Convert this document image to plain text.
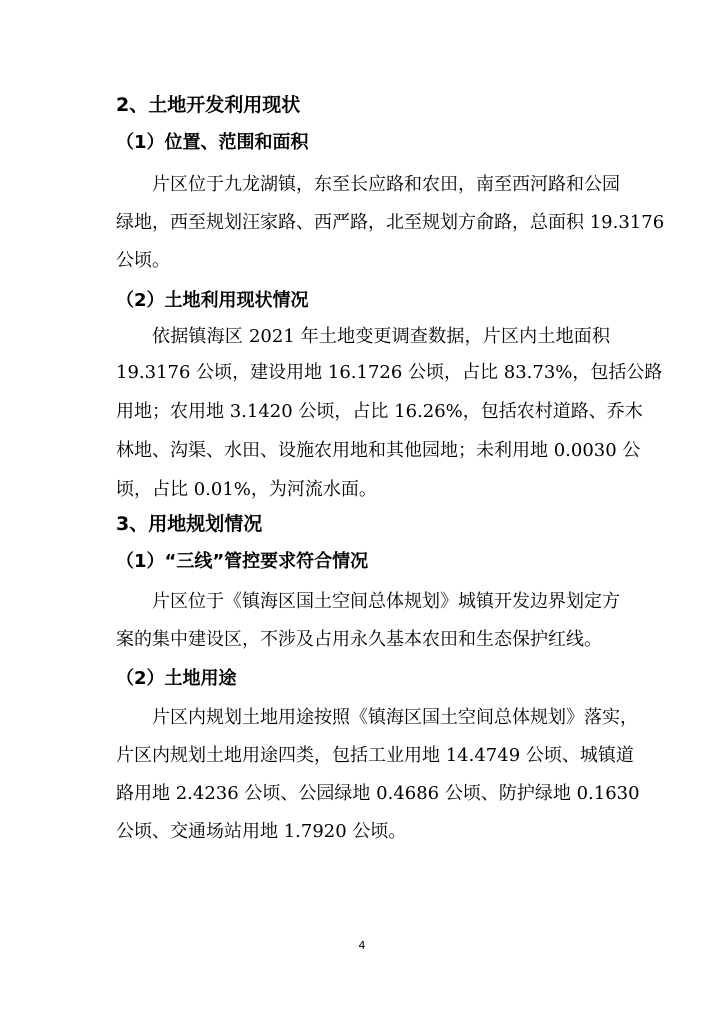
2、土地开发利用现状
（1）位置、范围和面积
片区位于九龙湖镇，东至长应路和农田，南至西河路和公园
绿地，西至规划汪家路、西严路，北至规划方俞路，总面积 19.3176
公顷。
（2）土地利用现状情况
依据镇海区 2021 年土地变更调查数据，片区内土地面积
19.3176 公顷，建设用地 16.1726 公顷，占比 83.73%，包括公路
用地；农用地 3.1420 公顷，占比 16.26%，包括农村道路、乔木
林地、沟渠、水田、设施农用地和其他园地；未利用地 0.0030 公
顷，占比 0.01%，为河流水面。
3、用地规划情况
（1）“三线”管控要求符合情况
片区位于《镇海区国土空间总体规划》城镇开发边界划定方
案的集中建设区，不涉及占用永久基本农田和生态保护红线。
（2）土地用途
片区内规划土地用途按照《镇海区国土空间总体规划》落实，
片区内规划土地用途四类，包括工业用地 14.4749 公顷、城镇道
路用地 2.4236 公顷、公园绿地 0.4686 公顷、防护绿地 0.1630
公顷、交通场站用地 1.7920 公顷。
4
